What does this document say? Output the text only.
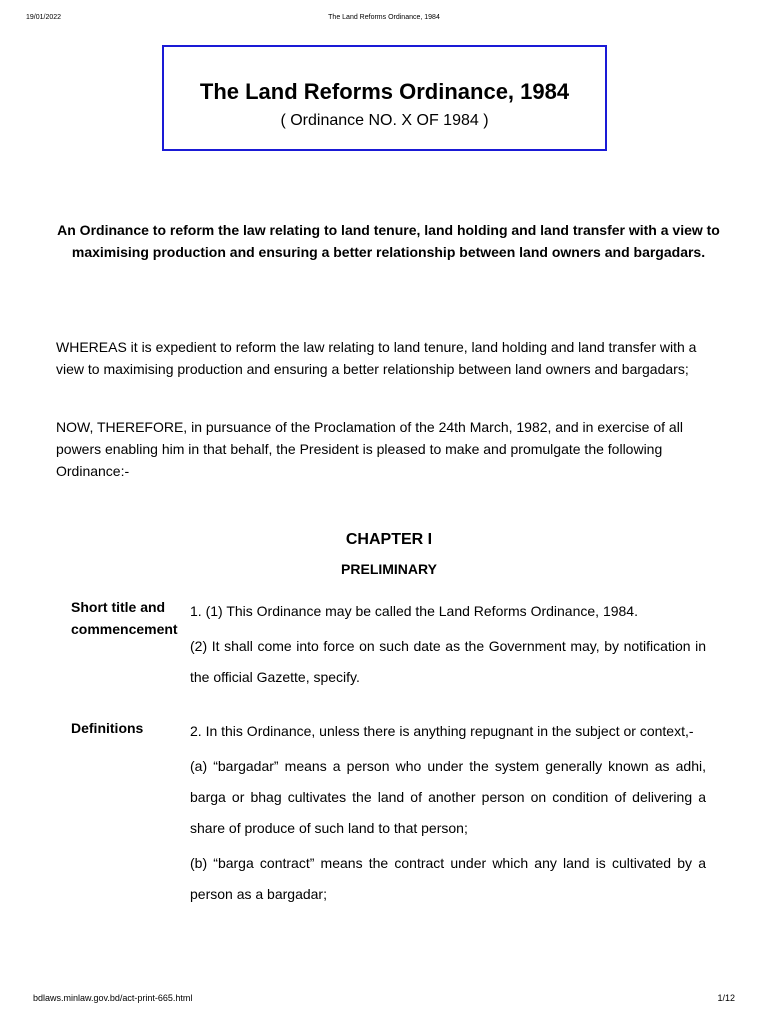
19/01/2022	The Land Reforms Ordinance, 1984
The Land Reforms Ordinance, 1984
( Ordinance NO. X OF 1984 )
An Ordinance to reform the law relating to land tenure, land holding and land transfer with a view to maximising production and ensuring a better relationship between land owners and bargadars.
WHEREAS it is expedient to reform the law relating to land tenure, land holding and land transfer with a view to maximising production and ensuring a better relationship between land owners and bargadars;
NOW, THEREFORE, in pursuance of the Proclamation of the 24th March, 1982, and in exercise of all powers enabling him in that behalf, the President is pleased to make and promulgate the following Ordinance:-
CHAPTER I
PRELIMINARY
Short title and commencement

1. (1) This Ordinance may be called the Land Reforms Ordinance, 1984.

(2) It shall come into force on such date as the Government may, by notification in the official Gazette, specify.

Definitions	2. In this Ordinance, unless there is anything repugnant in the subject or context,-

(a) “bargadar” means a person who under the system generally known as adhi, barga or bhag cultivates the land of another person on condition of delivering a share of produce of such land to that person;

(b) “barga contract” means the contract under which any land is cultivated by a person as a bargadar;

bdlaws.minlaw.gov.bd/act-print-665.html	1/12
